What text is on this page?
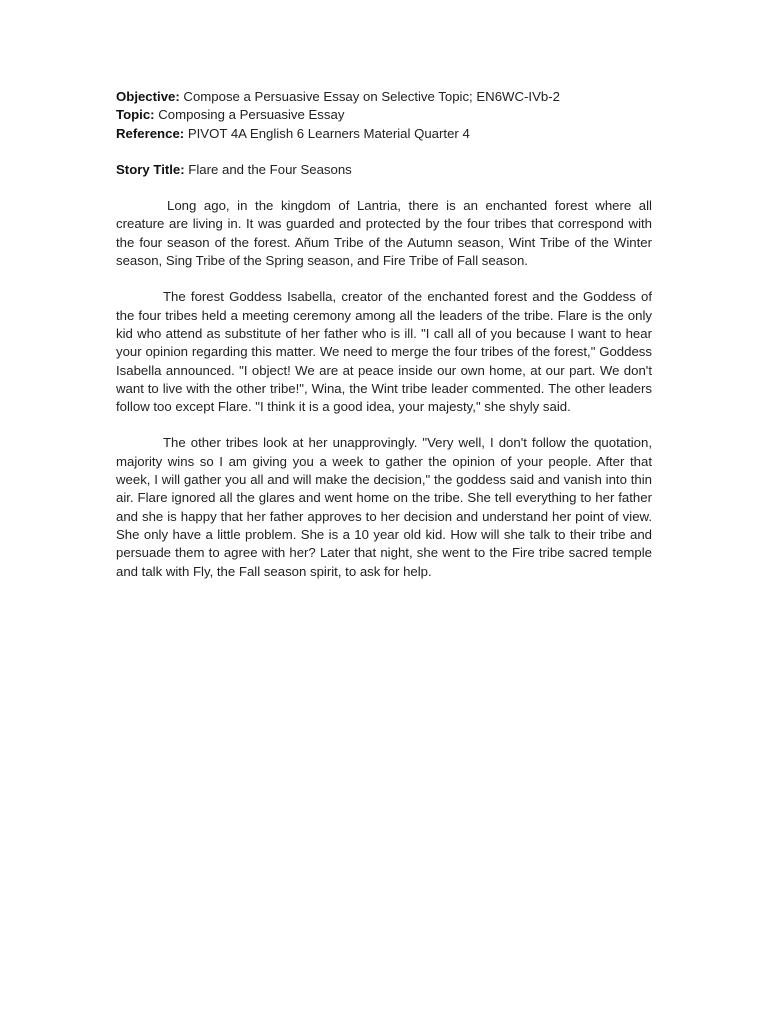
Objective: Compose a Persuasive Essay on Selective Topic; EN6WC-IVb-2

Topic: Composing a Persuasive Essay

Reference: PIVOT 4A English 6 Learners Material Quarter 4

Story Title: Flare and the Four Seasons

Long ago, in the kingdom of Lantria, there is an enchanted forest where all creature are living in. It was guarded and protected by the four tribes that correspond with the four season of the forest. Añum Tribe of the Autumn season, Wint Tribe of the Winter season, Sing Tribe of the Spring season, and Fire Tribe of Fall season.

The forest Goddess Isabella, creator of the enchanted forest and the Goddess of the four tribes held a meeting ceremony among all the leaders of the tribe. Flare is the only kid who attend as substitute of her father who is ill. "I call all of you because I want to hear your opinion regarding this matter. We need to merge the four tribes of the forest," Goddess Isabella announced. "I object! We are at peace inside our own home, at our part. We don't want to live with the other tribe!", Wina, the Wint tribe leader commented. The other leaders follow too except Flare. "I think it is a good idea, your majesty," she shyly said.

The other tribes look at her unapprovingly. "Very well, I don't follow the quotation, majority wins so I am giving you a week to gather the opinion of your people. After that week, I will gather you all and will make the decision," the goddess said and vanish into thin air. Flare ignored all the glares and went home on the tribe. She tell everything to her father and she is happy that her father approves to her decision and understand her point of view. She only have a little problem. She is a 10 year old kid. How will she talk to their tribe and persuade them to agree with her? Later that night, she went to the Fire tribe sacred temple and talk with Fly, the Fall season spirit, to ask for help.
